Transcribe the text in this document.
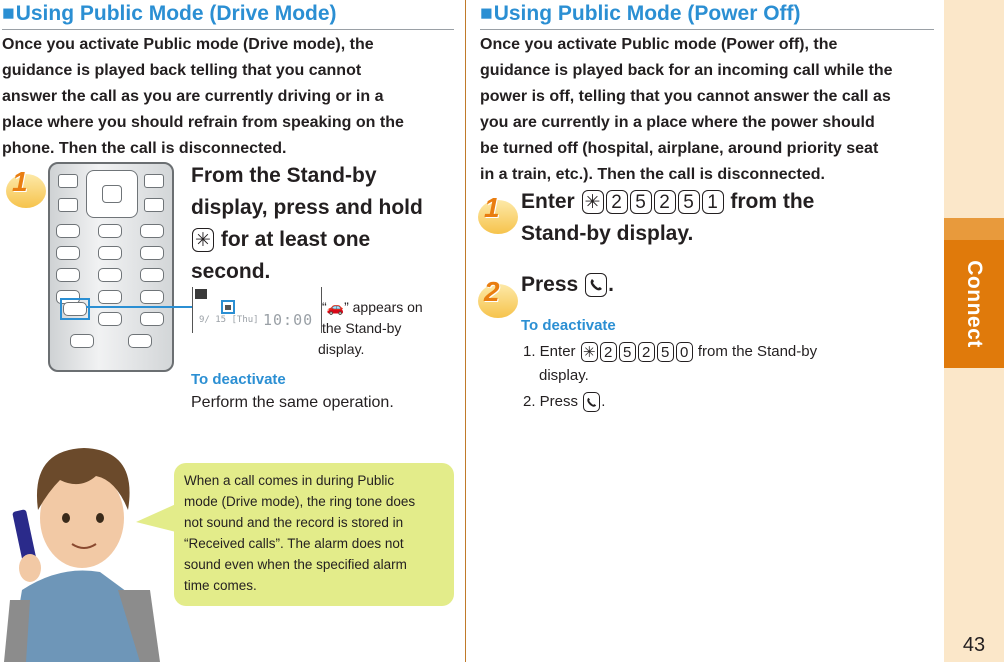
■Using Public Mode (Drive Mode)
Once you activate Public mode (Drive mode), the
guidance is played back telling that you cannot
answer the call as you are currently driving or in a
place where you should refrain from speaking on the
phone. Then the call is disconnected.
1	From the Stand-by
display, press and hold
✳ for at least one
second.
9/ 15 [Thu] 10:00
“🚗” appears on
the Stand-by
display.
To deactivate
Perform the same operation.
When a call comes in during Public
mode (Drive mode), the ring tone does
not sound and the record is stored in
“Received calls”. The alarm does not
sound even when the specified alarm
time comes.
■Using Public Mode (Power Off)
Once you activate Public mode (Power off), the
guidance is played back for an incoming call while the
power is off, telling that you cannot answer the call as
you are currently in a place where the power should
be turned off (hospital, airplane, around priority seat
in a train, etc.). Then the call is disconnected.
1 Enter ✳ 2 5 2 5 1 from the
Stand-by display.
2 Press
.
To deactivate
1. Enter ✳ 2 5 2 5 0 from the Stand-by
display.
2. Press
.
Connect
43
